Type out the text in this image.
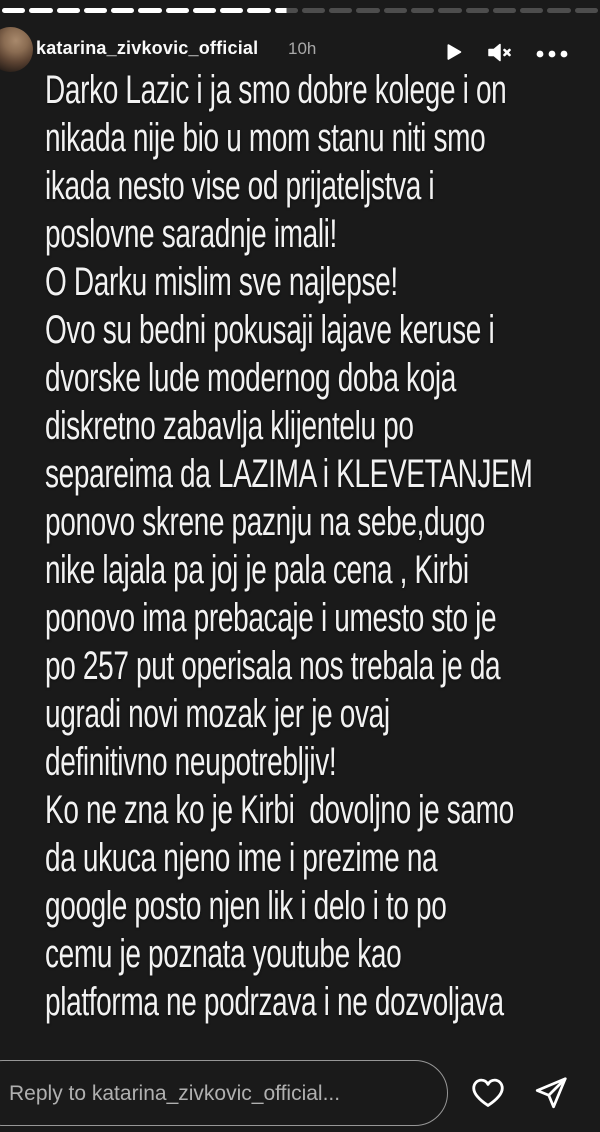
katarina_zivkovic_official 10h
Darko Lazic i ja smo dobre kolege i on
nikada nije bio u mom stanu niti smo
ikada nesto vise od prijateljstva i
poslovne saradnje imali!
O Darku mislim sve najlepse!
Ovo su bedni pokusaji lajave keruse i
dvorske lude modernog doba koja
diskretno zabavlja klijentelu po
separeima da LAZIMA i KLEVETANJEM
ponovo skrene paznju na sebe,dugo
nike lajala pa joj je pala cena , Kirbi
ponovo ima prebacaje i umesto sto je
po 257 put operisala nos trebala je da
ugradi novi mozak jer je ovaj
definitivno neupotrebljiv!
Ko ne zna ko je Kirbi  dovoljno je samo
da ukuca njeno ime i prezime na
google posto njen lik i delo i to po
cemu je poznata youtube kao
platforma ne podrzava i ne dozvoljava
Reply to katarina_zivkovic_official...
